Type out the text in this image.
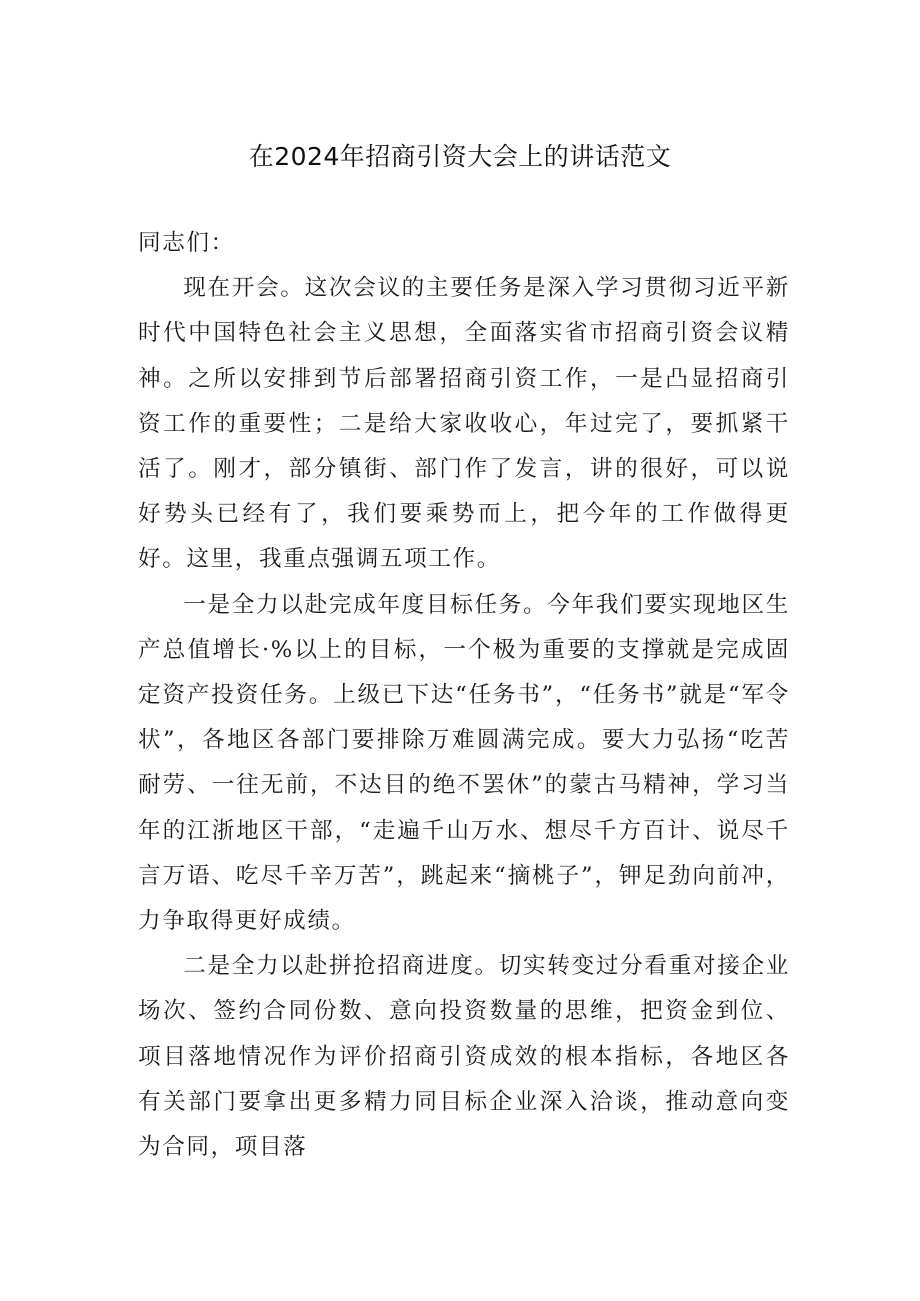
在2024年招商引资大会上的讲话范文

同志们：

现在开会。这次会议的主要任务是深入学习贯彻习近平新时代中国特色社会主义思想，全面落实省市招商引资会议精神。之所以安排到节后部署招商引资工作，一是凸显招商引资工作的重要性；二是给大家收收心，年过完了，要抓紧干活了。刚才，部分镇街、部门作了发言，讲的很好，可以说好势头已经有了，我们要乘势而上，把今年的工作做得更好。这里，我重点强调五项工作。

一是全力以赴完成年度目标任务。今年我们要实现地区生产总值增长·%以上的目标，一个极为重要的支撑就是完成固定资产投资任务。上级已下达“任务书”，“任务书”就是“军令状”，各地区各部门要排除万难圆满完成。要大力弘扬“吃苦耐劳、一往无前，不达目的绝不罢休”的蒙古马精神，学习当年的江浙地区干部，“走遍千山万水、想尽千方百计、说尽千言万语、吃尽千辛万苦”，跳起来“摘桃子”，钾足劲向前冲，力争取得更好成绩。

二是全力以赴拼抢招商进度。切实转变过分看重对接企业场次、签约合同份数、意向投资数量的思维，把资金到位、项目落地情况作为评价招商引资成效的根本指标，各地区各有关部门要拿出更多精力同目标企业深入洽谈，推动意向变为合同，项目落
